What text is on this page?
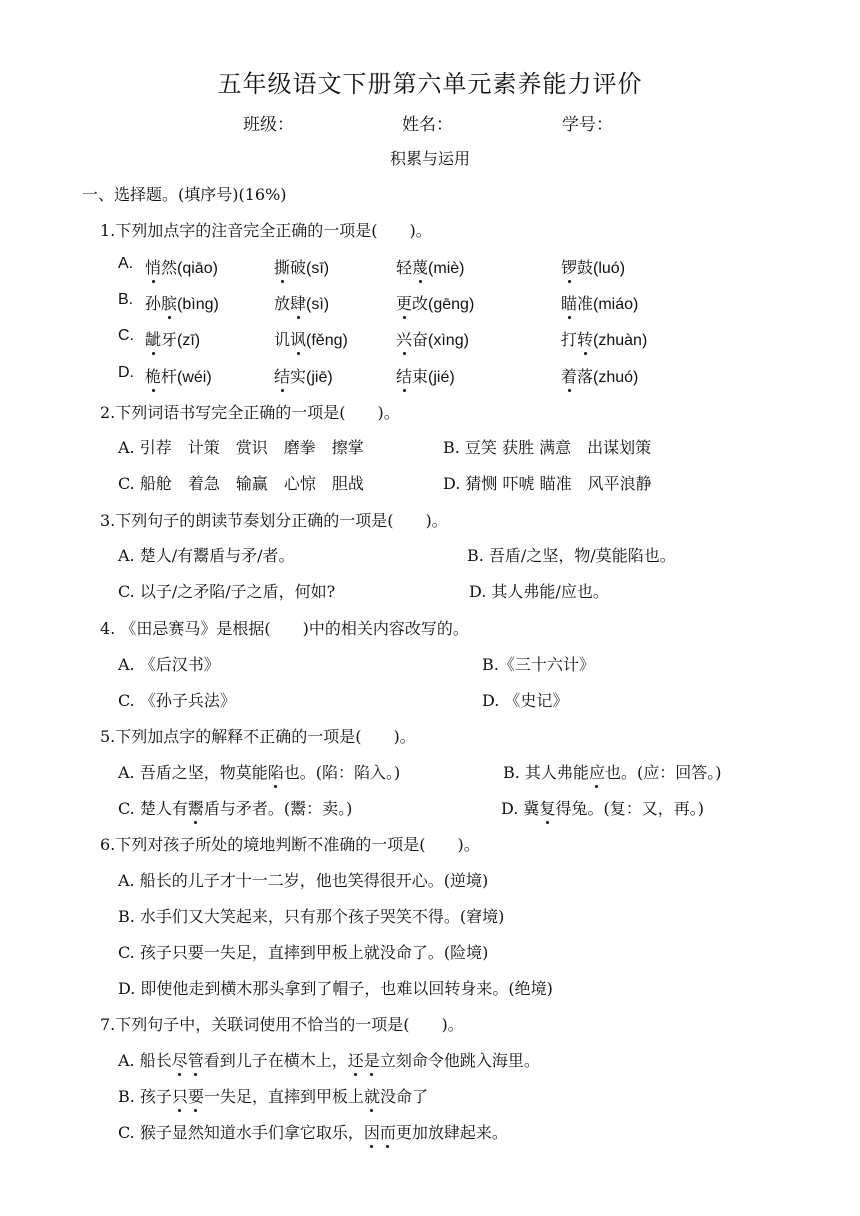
五年级语文下册第六单元素养能力评价
班级：	姓名：	学号：
积累与运用
一、选择题。(填序号)(16%)
1.下列加点字的注音完全正确的一项是(　　)。
A. 悄然(qiāo)	撕破(sī)	轻蔑(miè)	锣鼓(luó)
B. 孙膑(bìng)	放肆(sì)	更改(gēng)	瞄准(miáo)
C. 龇牙(zī)	讥讽(fěng)	兴奋(xìng)	打转(zhuàn)
D. 桅杆(wéi)	结实(jiē)	结束(jié)	着落(zhuó)
2.下列词语书写完全正确的一项是(　　)。
A. 引荐　计策　赏识　磨拳　擦掌	B. 豆笑 获胜 满意　出谋划策
C. 船舱　着急　输赢　心惊　胆战	D. 猜恻 吓唬 瞄准　风平浪静
3.下列句子的朗读节奏划分正确的一项是(　　)。
A. 楚人/有鬻盾与矛/者。	B. 吾盾/之坚，物/莫能陷也。
C. 以子/之矛陷/子之盾，何如?	D. 其人弗能/应也。
4. 《田忌赛马》是根据(　　)中的相关内容改写的。
A. 《后汉书》	B.《三十六计》
C. 《孙子兵法》	D. 《史记》
5.下列加点字的解释不正确的一项是(　　)。
A. 吾盾之坚，物莫能陷也。(陷：陷入。)	B. 其人弗能应也。(应：回答。)
C. 楚人有鬻盾与矛者。(鬻：卖。)	D. 冀复得兔。(复：又，再。)
6.下列对孩子所处的境地判断不准确的一项是(　　)。
A. 船长的儿子才十一二岁，他也笑得很开心。(逆境)
B. 水手们又大笑起来，只有那个孩子哭笑不得。(窘境)
C. 孩子只要一失足，直摔到甲板上就没命了。(险境)
D. 即使他走到横木那头拿到了帽子，也难以回转身来。(绝境)
7.下列句子中，关联词使用不恰当的一项是(　　)。
A. 船长尽管看到儿子在横木上，还是立刻命令他跳入海里。
B. 孩子只要一失足，直摔到甲板上就没命了
C. 猴子显然知道水手们拿它取乐，因而更加放肆起来。
